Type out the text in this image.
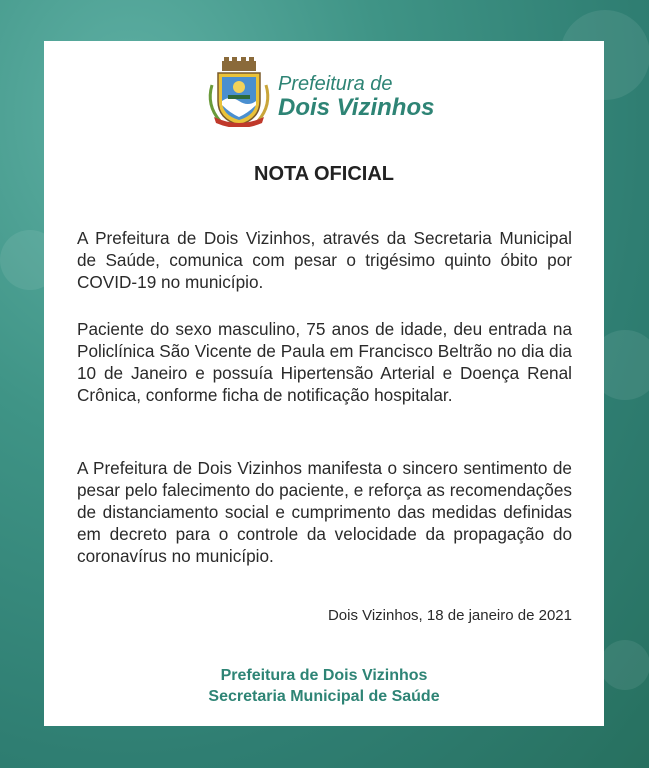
Prefeitura de
Dois Vizinhos
NOTA OFICIAL

A Prefeitura de Dois Vizinhos, através da Secretaria Municipal de Saúde, comunica com pesar o trigésimo quinto óbito por COVID-19 no município.

Paciente do sexo masculino, 75 anos de idade, deu entrada na Policlínica São Vicente de Paula em Francisco Beltrão no dia dia 10 de Janeiro e possuía Hipertensão Arterial e Doença Renal Crônica, conforme ficha de notificação hospitalar.

A Prefeitura de Dois Vizinhos manifesta o sincero sentimento de pesar pelo falecimento do paciente, e reforça as recomendações de distanciamento social e cumprimento das medidas definidas em decreto para o controle da velocidade da propagação do coronavírus no município.

Dois Vizinhos, 18 de janeiro de 2021
Prefeitura de Dois Vizinhos
Secretaria Municipal de Saúde
